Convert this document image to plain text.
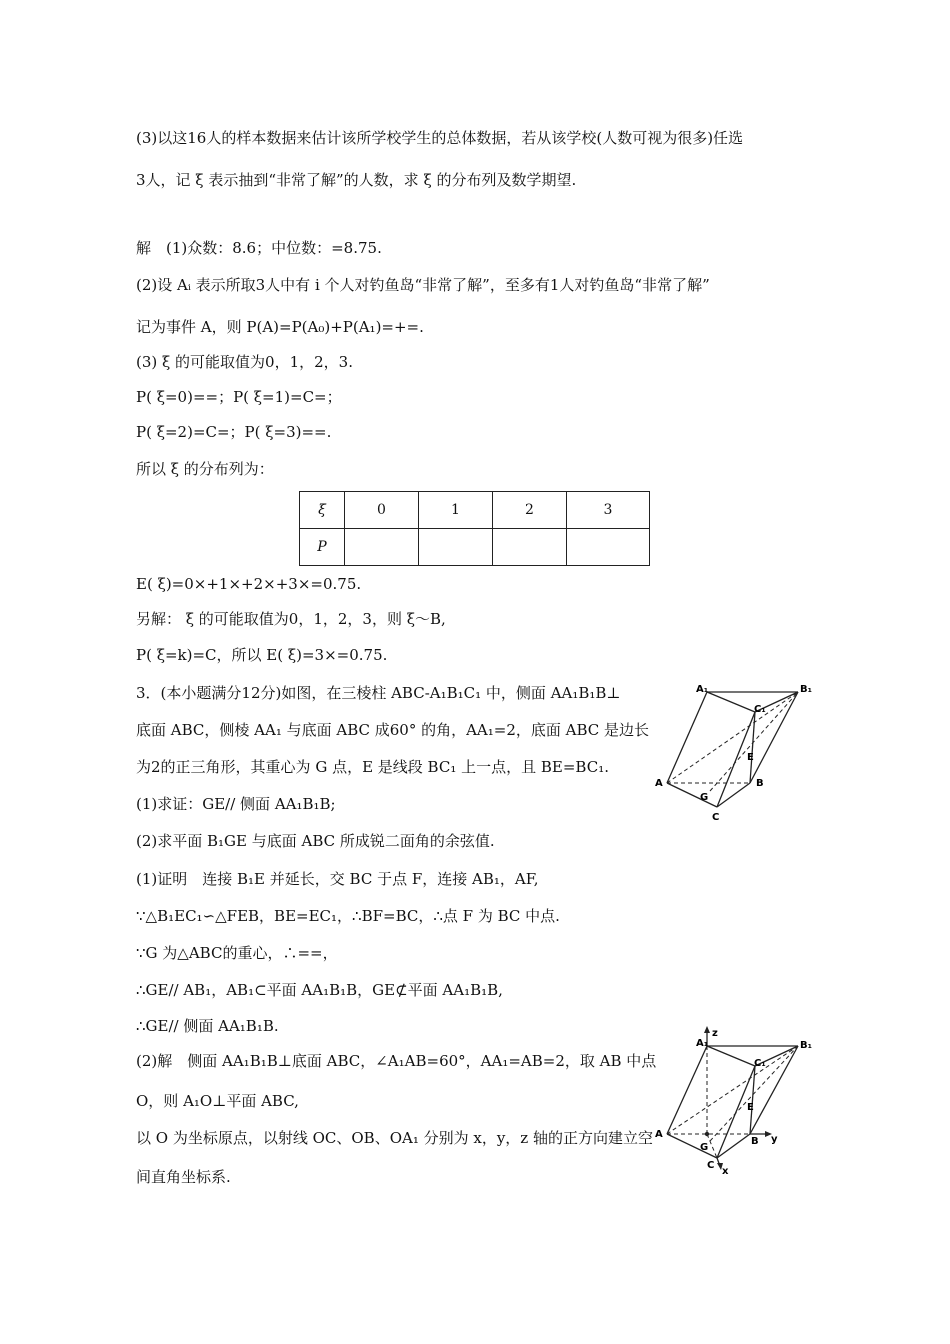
(3)以这16人的样本数据来估计该所学校学生的总体数据，若从该学校(人数可视为很多)任选
3人，记 ξ 表示抽到“非常了解”的人数，求 ξ 的分布列及数学期望.
解　(1)众数：8.6；中位数：=8.75.
(2)设 Aᵢ 表示所取3人中有 i 个人对钓鱼岛“非常了解”，至多有1人对钓鱼岛“非常了解”
记为事件 A，则 P(A)=P(A₀)+P(A₁)=+=.
(3) ξ 的可能取值为0，1，2，3.
P( ξ=0)==；P( ξ=1)=C=；
P( ξ=2)=C=；P( ξ=3)==.
所以 ξ 的分布列为：
ξ	0	1	2	3
P				
E( ξ)=0×+1×+2×+3×=0.75.
另解： ξ 的可能取值为0，1，2，3，则 ξ～B,
P( ξ=k)=C，所以 E( ξ)=3×=0.75.
3．(本小题满分12分)如图，在三棱柱 ABC-A₁B₁C₁ 中，侧面 AA₁B₁B⊥
底面 ABC，侧棱 AA₁ 与底面 ABC 成60° 的角，AA₁=2，底面 ABC 是边长
为2的正三角形，其重心为 G 点，E 是线段 BC₁ 上一点，且 BE=BC₁.
(1)求证：GE// 侧面 AA₁B₁B;
(2)求平面 B₁GE 与底面 ABC 所成锐二面角的余弦值.
(1)证明　连接 B₁E 并延长，交 BC 于点 F，连接 AB₁，AF,
∵△B₁EC₁∽△FEB，BE=EC₁，∴BF=BC，∴点 F 为 BC 中点.
∵G 为△ABC的重心，∴==，
∴GE// AB₁，AB₁⊂平面 AA₁B₁B，GE⊄平面 AA₁B₁B,
∴GE// 侧面 AA₁B₁B.
(2)解　侧面 AA₁B₁B⊥底面 ABC，∠A₁AB=60°，AA₁=AB=2，取 AB 中点
O，则 A₁O⊥平面 ABC,
以 O 为坐标原点，以射线 OC、OB、OA₁ 分别为 x，y，z 轴的正方向建立空
间直角坐标系.
A₁	B₁
C₁
E
A	B
G
C
z
A₁	B₁
C₁
E
A
B y
G
C
x
